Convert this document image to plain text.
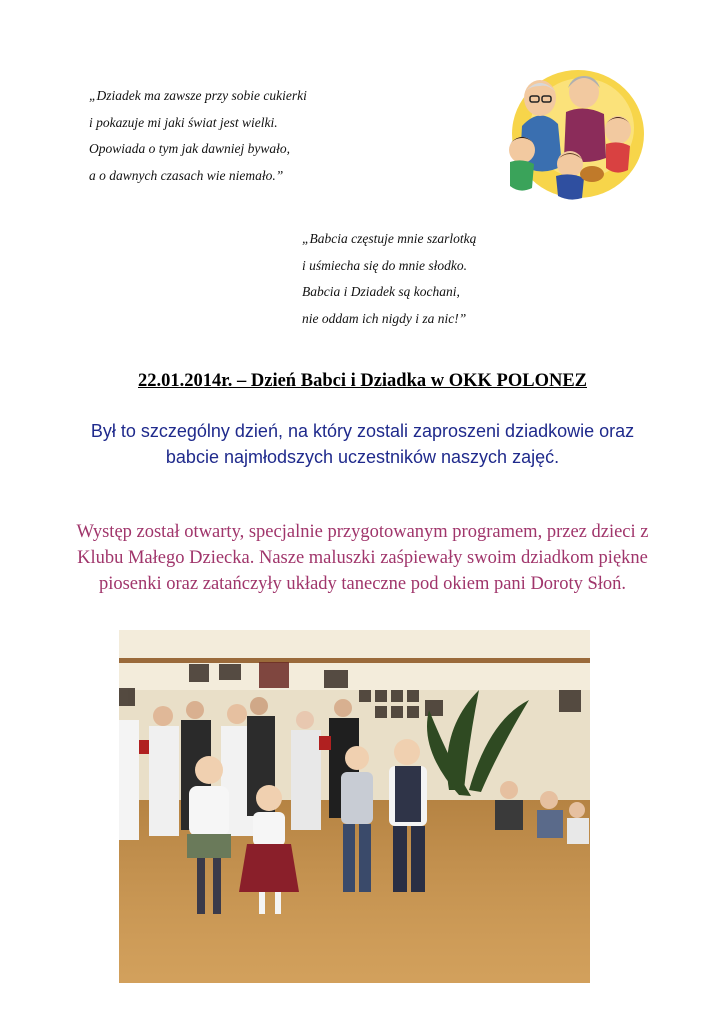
„Dziadek ma zawsze przy sobie cukierki
i pokazuje mi jaki świat jest wielki.
Opowiada o tym jak dawniej bywało,
a o dawnych czasach wie niemało.”
„Babcia częstuje mnie szarlotką
i uśmiecha się do mnie słodko.
Babcia i Dziadek są kochani,
nie oddam ich nigdy i za nic!”
22.01.2014r. – Dzień Babci i Dziadka w OKK POLONEZ
Był to szczególny dzień, na który zostali zaproszeni dziadkowie oraz babcie najmłodszych uczestników naszych zajęć.
Występ został otwarty, specjalnie przygotowanym programem, przez dzieci z Klubu Małego Dziecka. Nasze maluszki zaśpiewały swoim dziadkom piękne piosenki oraz zatańczyły układy taneczne pod okiem pani Doroty Słoń.
